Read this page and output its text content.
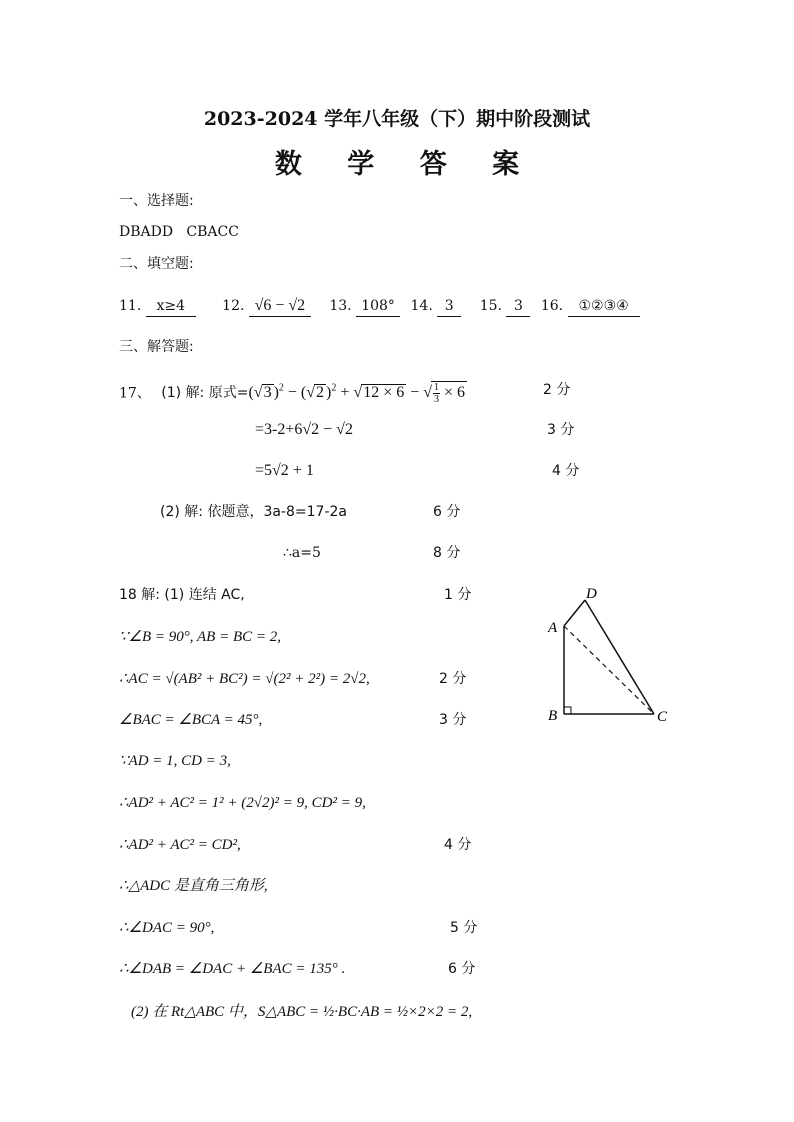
2023-2024 学年八年级（下）期中阶段测试
数 学 答 案
一、选择题:
DBADD   CBACC
二、填空题:
11. x≥4	12. √6 − √2 13. 108° 14. 3 15. 3 16. ①②③④
三、解答题:
17、 (1) 解: 原式=(√3 )$^2$ − (√2 )$^2$ + √12 × 6 − √ $\frac{1}{3} \times 6$	2 分
=3-2+6√2 − √2	3 分
=5√2 + 1	4 分
(2) 解: 依题意，3a-8=17-2a	6 分
∴a=5	8 分
18 解: (1) 连结 AC,	1 分
∵∠B = 90°, AB = BC = 2,
∴AC = √(AB² + BC²) = √(2² + 2²) = 2√2,	2 分
∠BAC = ∠BCA = 45°,	3 分
∵AD = 1, CD = 3,
∴AD² + AC² = 1² + (2√2)² = 9, CD² = 9,
∴AD² + AC² = CD²,	4 分
∴△ADC 是直角三角形,
∴∠DAC = 90°,	5 分
∴∠DAB = ∠DAC + ∠BAC = 135° .	6 分
(2) 在 Rt△ABC 中，S△ABC = ½·BC·AB = ½×2×2 = 2,
D
A
B	C
